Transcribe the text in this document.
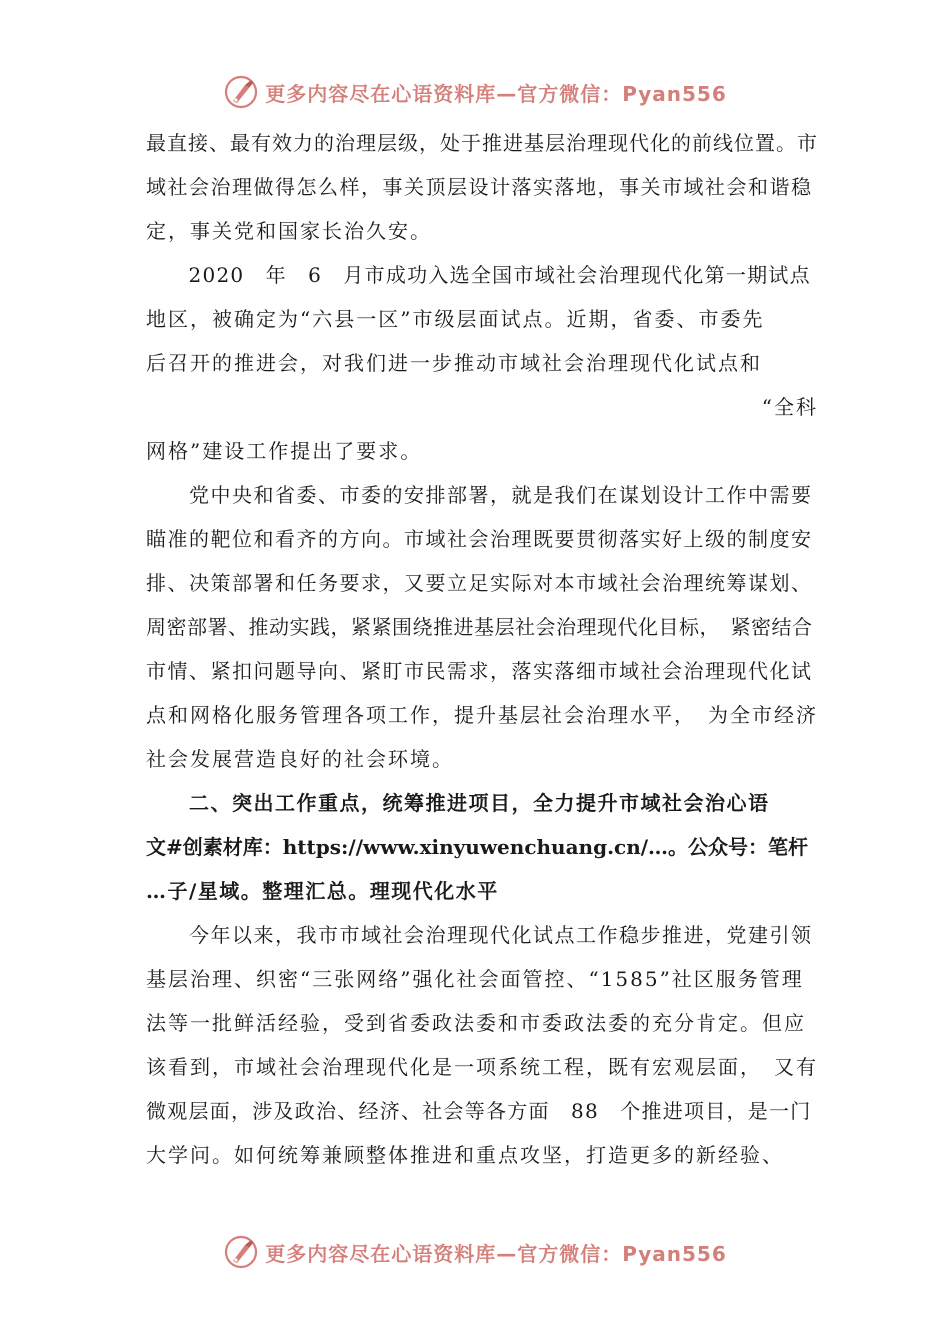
更多内容尽在心语资料库—官方微信：Pyan556
最直接、最有效力的治理层级，处于推进基层治理现代化的前线位置。市
域社会治理做得怎么样，事关顶层设计落实落地，事关市域社会和谐稳
定，事关党和国家长治久安。
　　2020　年　6　月市成功入选全国市域社会治理现代化第一期试点
地区，被确定为“六县一区”市级层面试点。近期，省委、市委先
后召开的推进会，对我们进一步推动市域社会治理现代化试点和
“全科
网格”建设工作提出了要求。
　　党中央和省委、市委的安排部署，就是我们在谋划设计工作中需要
瞄准的靶位和看齐的方向。市域社会治理既要贯彻落实好上级的制度安
排、决策部署和任务要求，又要立足实际对本市域社会治理统筹谋划、
周密部署、推动实践，紧紧围绕推进基层社会治理现代化目标，　紧密结合
市情、紧扣问题导向、紧盯市民需求，落实落细市域社会治理现代化试
点和网格化服务管理各项工作，提升基层社会治理水平，　为全市经济
社会发展营造良好的社会环境。
　　二、突出工作重点，统筹推进项目，全力提升市域社会治心语
文#创素材库：https://www.xinyuwenchuang.cn/…。公众号：笔杆
…子/星域。整理汇总。理现代化水平
　　今年以来，我市市域社会治理现代化试点工作稳步推进，党建引领
基层治理、织密“三张网络”强化社会面管控、“1585”社区服务管理
法等一批鲜活经验，受到省委政法委和市委政法委的充分肯定。但应
该看到，市域社会治理现代化是一项系统工程，既有宏观层面，　又有
微观层面，涉及政治、经济、社会等各方面　88　个推进项目，是一门
大学问。如何统筹兼顾整体推进和重点攻坚，打造更多的新经验、
更多内容尽在心语资料库—官方微信：Pyan556
